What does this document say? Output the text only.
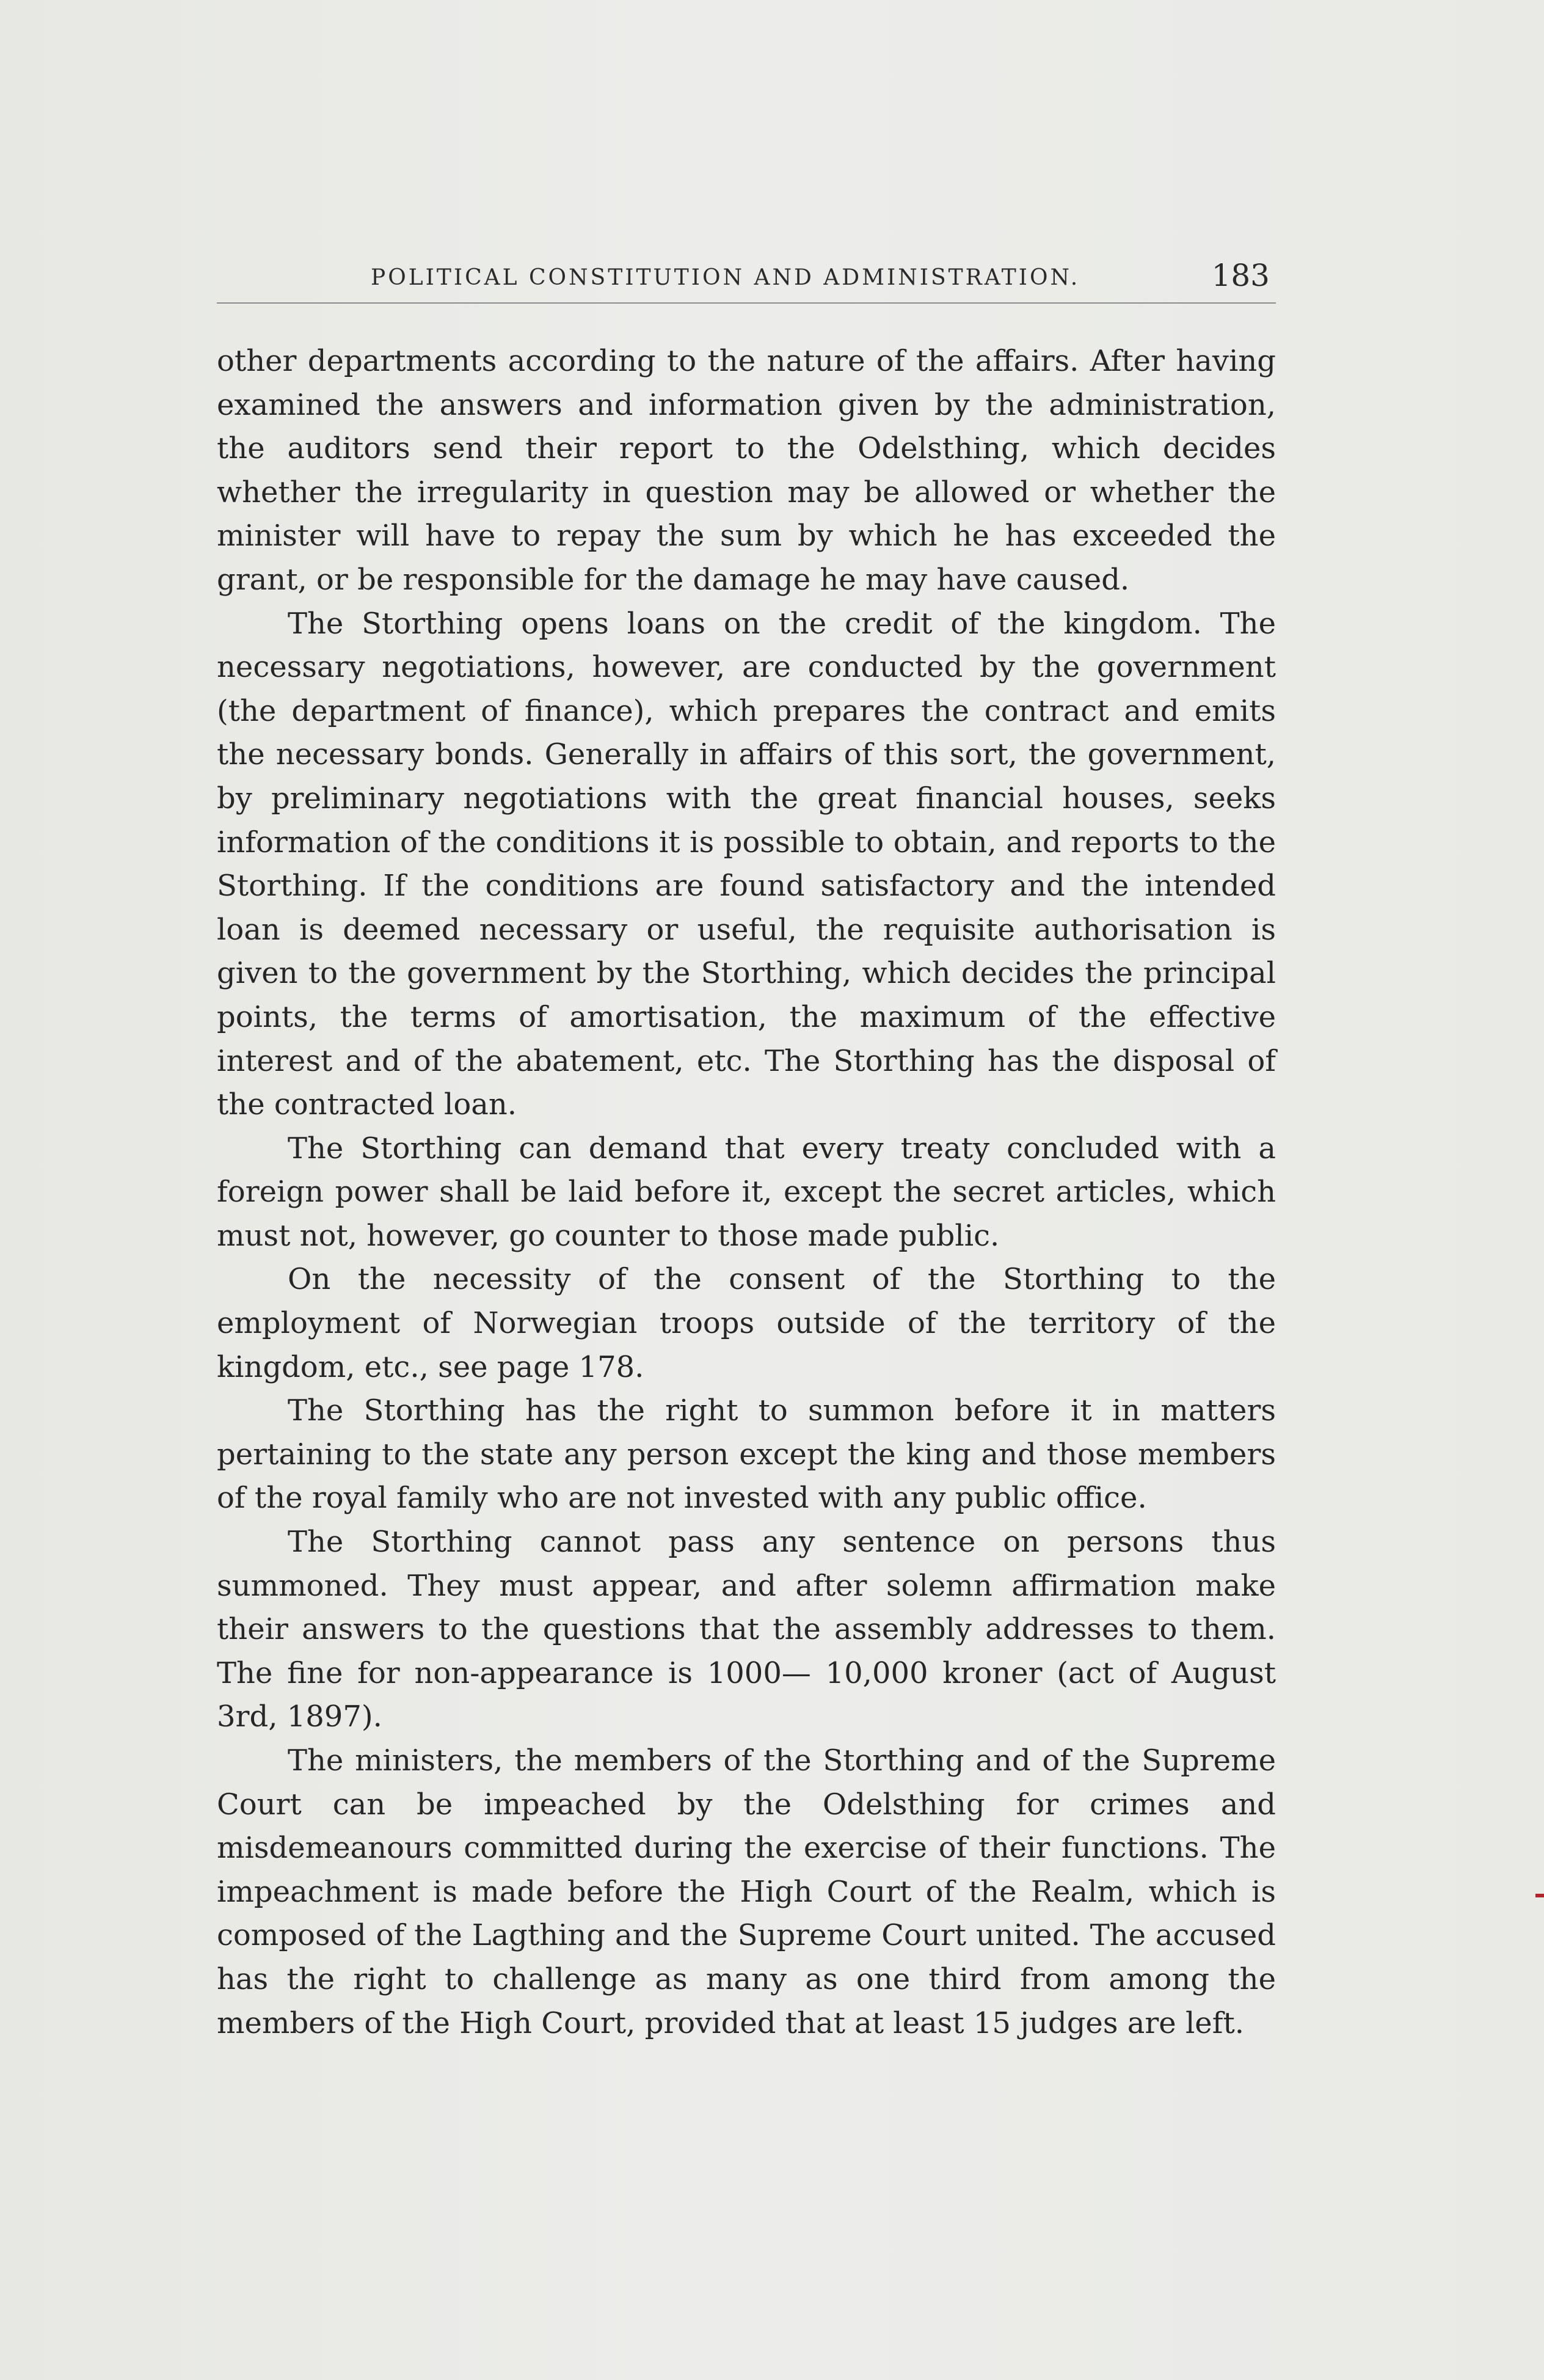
POLITICAL CONSTITUTION AND ADMINISTRATION.	183

other departments according to the nature of the affairs. After having examined the answers and information given by the administration, the auditors send their report to the Odelsthing, which decides whether the irregularity in question may be allowed or whether the minister will have to repay the sum by which he has exceeded the grant, or be responsible for the damage he may have caused.

The Storthing opens loans on the credit of the kingdom. The necessary negotiations, however, are conducted by the government (the department of finance), which prepares the contract and emits the necessary bonds. Generally in affairs of this sort, the government, by preliminary negotiations with the great financial houses, seeks information of the conditions it is possible to obtain, and reports to the Storthing. If the conditions are found satisfactory and the intended loan is deemed necessary or useful, the requisite authorisation is given to the government by the Storthing, which decides the principal points, the terms of amortisation, the maximum of the effective interest and of the abatement, etc. The Storthing has the disposal of the contracted loan.

The Storthing can demand that every treaty concluded with a foreign power shall be laid before it, except the secret articles, which must not, however, go counter to those made public.

On the necessity of the consent of the Storthing to the employment of Norwegian troops outside of the territory of the kingdom, etc., see page 178.

The Storthing has the right to summon before it in matters pertaining to the state any person except the king and those members of the royal family who are not invested with any public office.

The Storthing cannot pass any sentence on persons thus summoned. They must appear, and after solemn affirmation make their answers to the questions that the assembly addresses to them. The fine for non-appearance is 1000— 10,000 kroner (act of August 3rd, 1897).

The ministers, the members of the Storthing and of the Supreme Court can be impeached by the Odelsthing for crimes and misdemeanours committed during the exercise of their functions. The impeachment is made before the High Court of the Realm, which is composed of the Lagthing and the Supreme Court united. The accused has the right to challenge as many as one third from among the members of the High Court, provided that at least 15 judges are left.
